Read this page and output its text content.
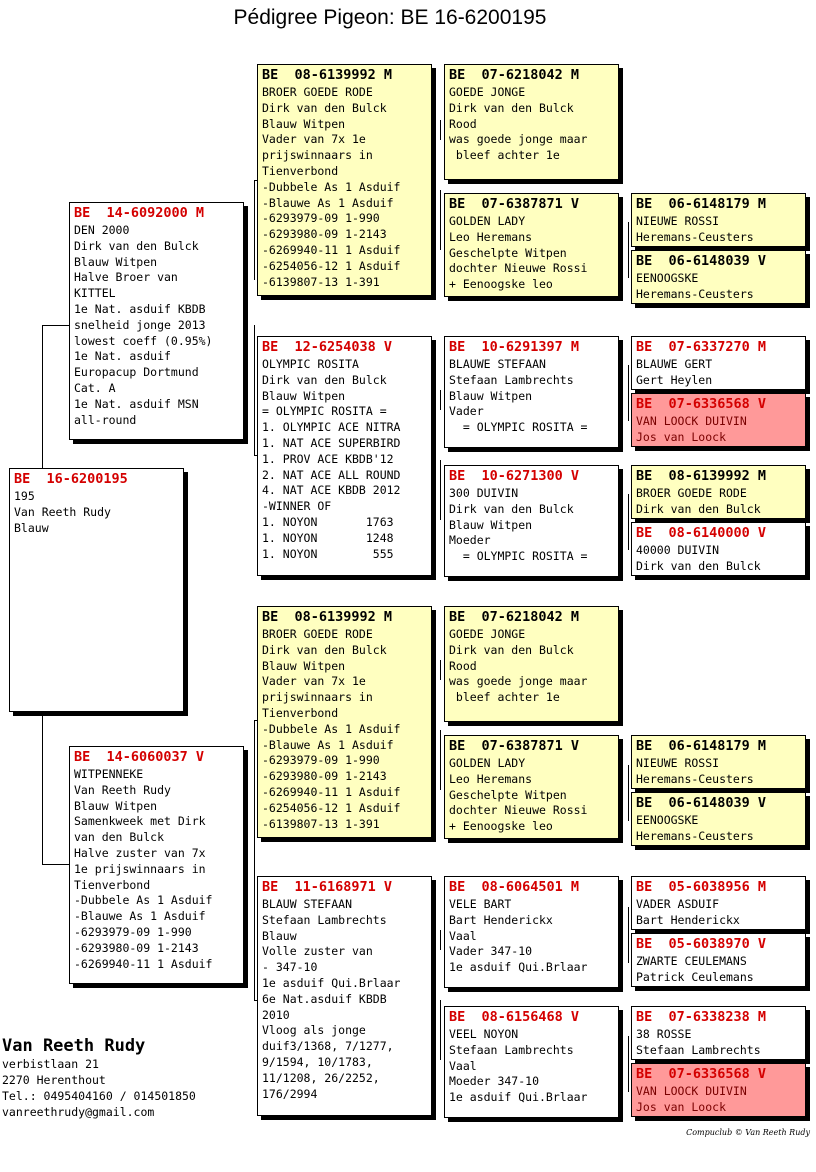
Pédigree Pigeon: BE 16-6200195
BE  16-6200195
195
Van Reeth Rudy
Blauw
BE  14-6092000 M
DEN 2000
Dirk van den Bulck
Blauw Witpen
Halve Broer van
KITTEL
1e Nat. asduif KBDB
snelheid jonge 2013
lowest coeff (0.95%)
1e Nat. asduif
Europacup Dortmund
Cat. A
1e Nat. asduif MSN
all-round
BE  14-6060037 V
WITPENNEKE
Van Reeth Rudy
Blauw Witpen
Samenkweek met Dirk
van den Bulck
Halve zuster van 7x
1e prijswinnaars in
Tienverbond
-Dubbele As 1 Asduif
-Blauwe As 1 Asduif
-6293979-09 1-990
-6293980-09 1-2143
-6269940-11 1 Asduif
BE  08-6139992 M
BROER GOEDE RODE
Dirk van den Bulck
Blauw Witpen
Vader van 7x 1e
prijswinnaars in
Tienverbond
-Dubbele As 1 Asduif
-Blauwe As 1 Asduif
-6293979-09 1-990
-6293980-09 1-2143
-6269940-11 1 Asduif
-6254056-12 1 Asduif
-6139807-13 1-391
BE  12-6254038 V
OLYMPIC ROSITA
Dirk van den Bulck
Blauw Witpen
= OLYMPIC ROSITA =
1. OLYMPIC ACE NITRA
1. NAT ACE SUPERBIRD
1. PROV ACE KBDB'12
2. NAT ACE ALL ROUND
4. NAT ACE KBDB 2012
-WINNER OF
1. NOYON       1763
1. NOYON       1248
1. NOYON        555
BE  08-6139992 M
BROER GOEDE RODE
Dirk van den Bulck
Blauw Witpen
Vader van 7x 1e
prijswinnaars in
Tienverbond
-Dubbele As 1 Asduif
-Blauwe As 1 Asduif
-6293979-09 1-990
-6293980-09 1-2143
-6269940-11 1 Asduif
-6254056-12 1 Asduif
-6139807-13 1-391
BE  11-6168971 V
BLAUW STEFAAN
Stefaan Lambrechts
Blauw
Volle zuster van
- 347-10
1e asduif Qui.Brlaar
6e Nat.asduif KBDB
2010
Vloog als jonge
duif3/1368, 7/1277,
9/1594, 10/1783,
11/1208, 26/2252,
176/2994
BE  07-6218042 M
GOEDE JONGE
Dirk van den Bulck
Rood
was goede jonge maar
bleef achter 1e
BE  07-6387871 V
GOLDEN LADY
Leo Heremans
Geschelpte Witpen
dochter Nieuwe Rossi
+ Eenoogske leo
BE  10-6291397 M
BLAUWE STEFAAN
Stefaan Lambrechts
Blauw Witpen
Vader
= OLYMPIC ROSITA =
BE  10-6271300 V
300 DUIVIN
Dirk van den Bulck
Blauw Witpen
Moeder
= OLYMPIC ROSITA =
BE  07-6218042 M
GOEDE JONGE
Dirk van den Bulck
Rood
was goede jonge maar
bleef achter 1e
BE  07-6387871 V
GOLDEN LADY
Leo Heremans
Geschelpte Witpen
dochter Nieuwe Rossi
+ Eenoogske leo
BE  08-6064501 M
VELE BART
Bart Henderickx
Vaal
Vader 347-10
1e asduif Qui.Brlaar
BE  08-6156468 V
VEEL NOYON
Stefaan Lambrechts
Vaal
Moeder 347-10
1e asduif Qui.Brlaar
BE  06-6148179 M
NIEUWE ROSSI
Heremans-Ceusters
BE  06-6148039 V
EENOOGSKE
Heremans-Ceusters
BE  07-6337270 M
BLAUWE GERT
Gert Heylen
BE  07-6336568 V
VAN LOOCK DUIVIN
Jos van Loock
BE  08-6139992 M
BROER GOEDE RODE
Dirk van den Bulck
BE  08-6140000 V
40000 DUIVIN
Dirk van den Bulck
BE  06-6148179 M
NIEUWE ROSSI
Heremans-Ceusters
BE  06-6148039 V
EENOOGSKE
Heremans-Ceusters
BE  05-6038956 M
VADER ASDUIF
Bart Henderickx
BE  05-6038970 V
ZWARTE CEULEMANS
Patrick Ceulemans
BE  07-6338238 M
38 ROSSE
Stefaan Lambrechts
BE  07-6336568 V
VAN LOOCK DUIVIN
Jos van Loock
Van Reeth Rudy
verbistlaan 21
2270 Herenthout
Tel.: 0495404160 / 014501850
vanreethrudy@gmail.com
Compuclub © Van Reeth Rudy
